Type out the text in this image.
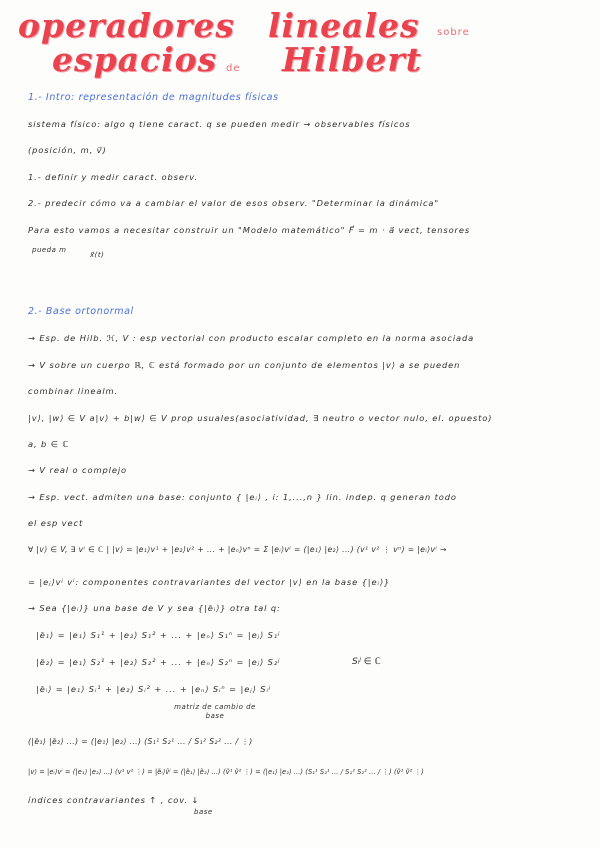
operadores lineales sobre
espacios de Hilbert
1.- Intro: representación de magnitudes físicas
sistema físico: algo q tiene caract. q se pueden medir → observables físicos
(posición, m, v⃗)
1.- definir y medir caract. observ.
2.- predecir cómo va a cambiar el valor de esos observ. "Determinar la dinámica"
Para esto vamos a necesitar construir un "Modelo matemático" F⃗ = m · a⃗ vect, tensores
pueda m
x⃗(t)
2.- Base ortonormal
→ Esp. de Hilb. ℋ, V : esp vectorial con producto escalar completo en la norma asociada
→ V sobre un cuerpo ℝ, ℂ está formado por un conjunto de elementos |v⟩ a se pueden
combinar linealm.
|v⟩, |w⟩ ∈ V a|v⟩ + b|w⟩ ∈ V prop usuales(asociatividad, ∃ neutro o vector nulo, el. opuesto)
a, b ∈ ℂ
→ V real o complejo
→ Esp. vect. admiten una base: conjunto { |eᵢ⟩ , i: 1,...,n } lin. indep. q generan todo
el esp vect
∀ |v⟩ ∈ V, ∃ vⁱ ∈ ℂ | |v⟩ = |e₁⟩v¹ + |e₂⟩v² + ... + |eₙ⟩vⁿ = Σ |eᵢ⟩vⁱ = (|e₁⟩ |e₂⟩ ...) (v¹ v² ⋮ vⁿ) = |eᵢ⟩vⁱ →
= |eⱼ⟩vʲ vⁱ: componentes contravariantes del vector |v⟩ en la base {|eᵢ⟩}
→ Sea {|eᵢ⟩} una base de V y sea {|ẽᵢ⟩} otra tal q:
|ẽ₁⟩ = |e₁⟩ S₁¹ + |e₂⟩ S₁² + ... + |eₙ⟩ S₁ⁿ = |eⱼ⟩ S₁ʲ
|ẽ₂⟩ = |e₁⟩ S₂¹ + |e₂⟩ S₂² + ... + |eₙ⟩ S₂ⁿ = |eⱼ⟩ S₂ʲ	Sᵢʲ ∈ ℂ
|ẽᵢ⟩ = |e₁⟩ Sᵢ¹ + |e₂⟩ Sᵢ² + ... + |eₙ⟩ Sᵢⁿ = |eⱼ⟩ Sᵢʲ
matriz de cambio de base
(|ẽ₁⟩ |ẽ₂⟩ ...) = (|e₁⟩ |e₂⟩ ...) (S₁¹ S₂¹ ... / S₁² S₂² ... / ⋮)
|v⟩ = |eᵢ⟩vⁱ = (|e₁⟩ |e₂⟩ ...) (v¹ v² ⋮) = |ẽᵢ⟩ṽⁱ = (|ẽ₁⟩ |ẽ₂⟩ ...) (ṽ¹ ṽ² ⋮) = (|e₁⟩ |e₂⟩ ...) (S₁¹ S₂¹ ... / S₁² S₂² ... / ⋮) (ṽ¹ ṽ² ⋮)
índices contravariantes ↑ , cov. ↓
base
